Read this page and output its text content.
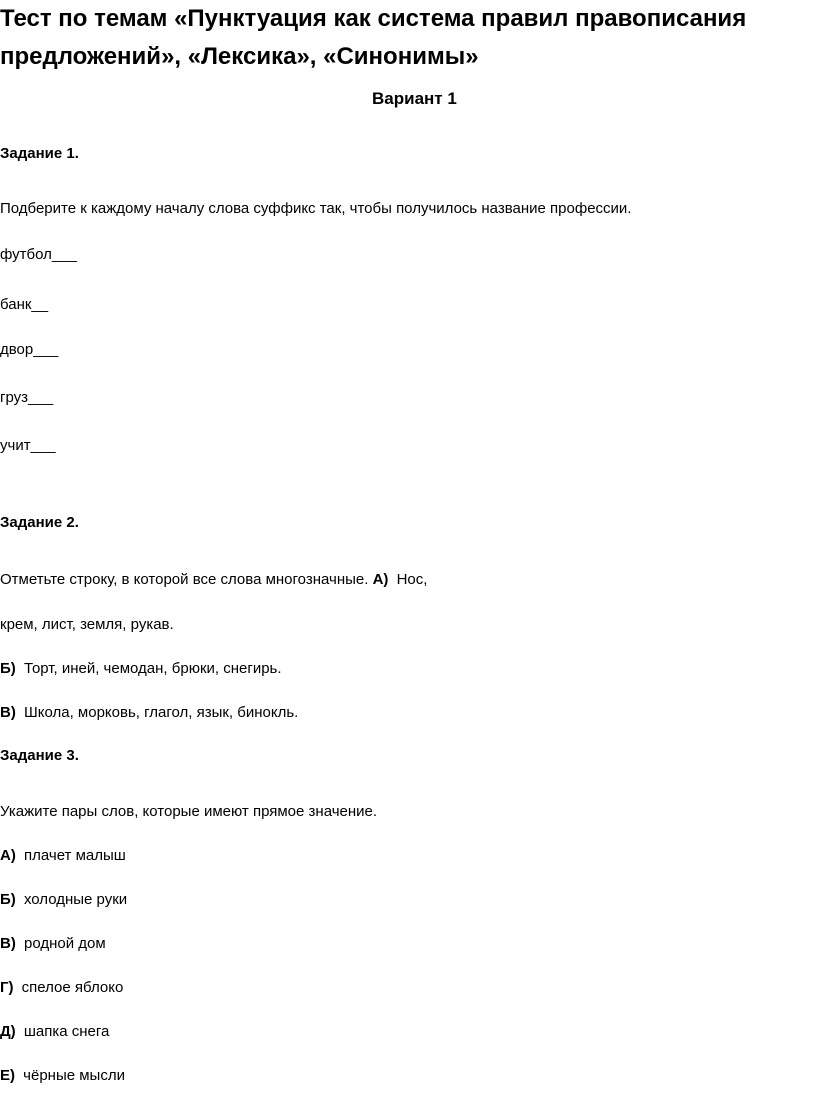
Тест по темам «Пунктуация как система правил правописания
предложений», «Лексика», «Синонимы»
Вариант 1
Задание 1.
Подберите к каждому началу слова суффикс так, чтобы получилось название профессии.
футбол___
банк__
двор___
груз___
учит___
Задание 2.
Отметьте строку, в которой все слова многозначные. А) Нос,
крем, лист, земля, рукав.
Б) Торт, иней, чемодан, брюки, снегирь.
В) Школа, морковь, глагол, язык, бинокль.
Задание 3.
Укажите пары слов, которые имеют прямое значение.
А) плачет малыш
Б) холодные руки
В) родной дом
Г) спелое яблоко
Д) шапка снега
Е) чёрные мысли
